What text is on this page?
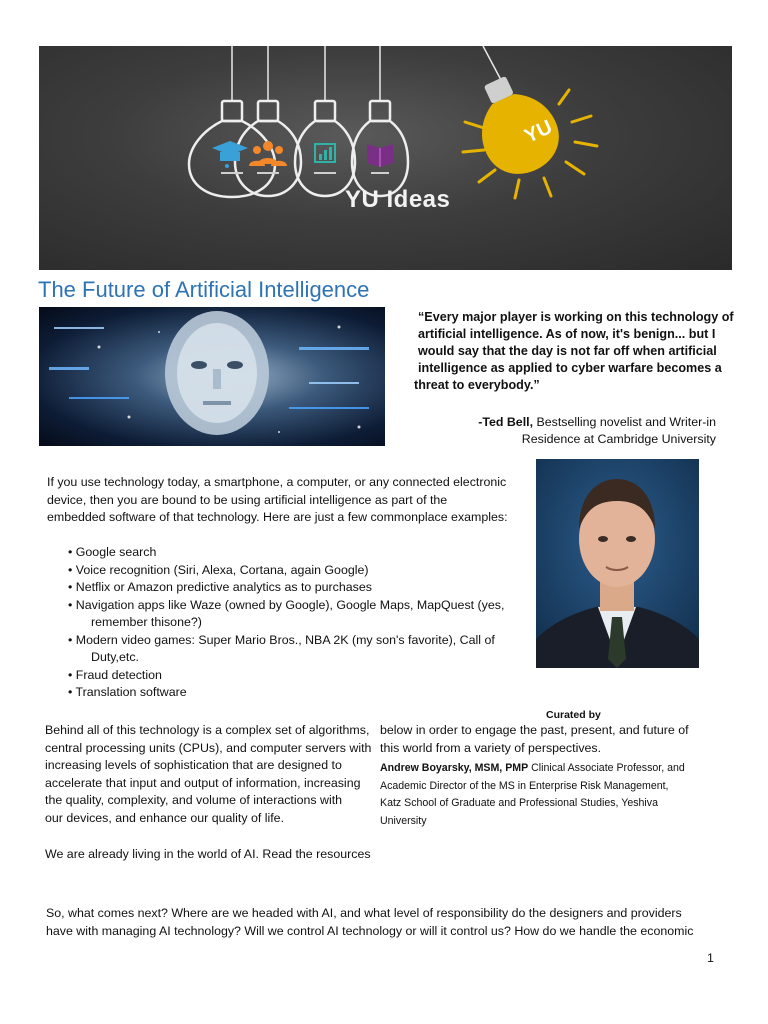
YU
YU Ideas
The Future of Artificial Intelligence
“Every major player is working on this technology of
artificial intelligence. As of now, it's benign... but I
would say that the day is not far off when artificial
intelligence as applied to cyber warfare becomes a
threat to everybody.”
-Ted Bell, Bestselling novelist and Writer-in
Residence at Cambridge University
If you use technology today, a smartphone, a computer, or any connected electronic
device, then you are bound to be using artificial intelligence as part of the
embedded software of that technology. Here are just a few commonplace examples:
• Google search
• Voice recognition (Siri, Alexa, Cortana, again Google)
• Netflix or Amazon predictive analytics as to purchases
• Navigation apps like Waze (owned by Google), Google Maps, MapQuest (yes,
remember thisone?)
• Modern video games: Super Mario Bros., NBA 2K (my son's favorite), Call of
Duty,etc.
• Fraud detection
• Translation software
Curated by
Behind all of this technology is a complex set of algorithms,
central processing units (CPUs), and computer servers with
increasing levels of sophistication that are designed to
accelerate that input and output of information, increasing
the quality, complexity, and volume of interactions with
our devices, and enhance our quality of life.
below in order to engage the past, present, and future of
this world from a variety of perspectives.
Andrew Boyarsky, MSM, PMP Clinical Associate Professor, and
Academic Director of the MS in Enterprise Risk Management,
Katz School of Graduate and Professional Studies, Yeshiva
University
We are already living in the world of AI. Read the resources
So, what comes next? Where are we headed with AI, and what level of responsibility do the designers and providers
have with managing AI technology? Will we control AI technology or will it control us? How do we handle the economic
1
